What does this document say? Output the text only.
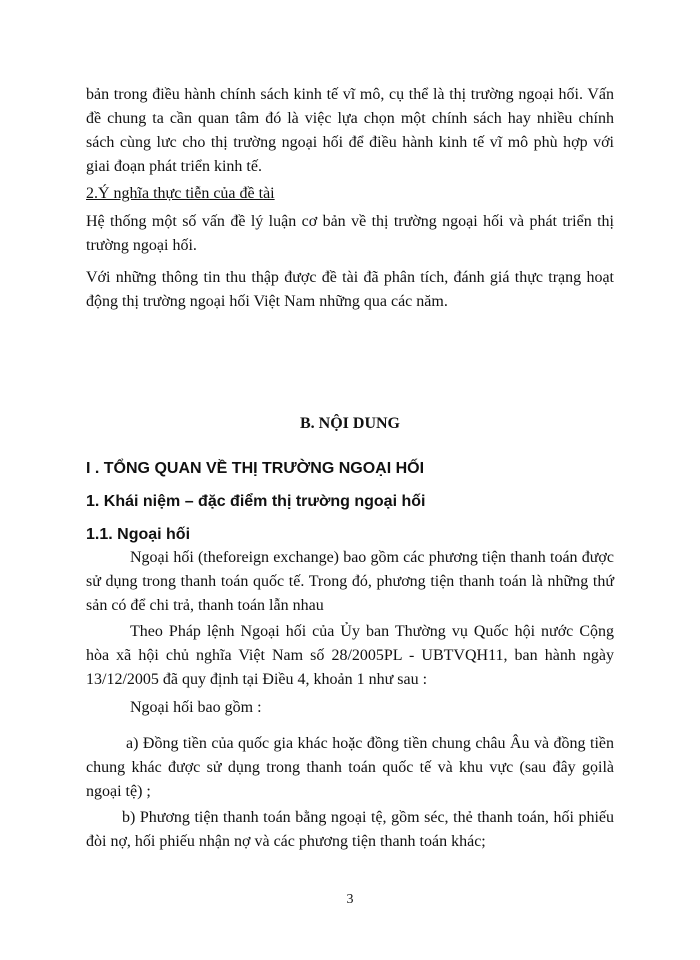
bản trong điều hành chính sách kinh tế vĩ mô, cụ thể là thị trường ngoại hối. Vấn đề chung ta cần quan tâm đó là việc lựa chọn một chính sách hay nhiều chính sách cùng lưc cho thị trường ngoại hối để điều hành kinh tế vĩ mô phù hợp với giai đoạn phát triển kinh tế.

2.Ý nghĩa thực tiễn của đề tài

Hệ thống một số vấn đề lý luận cơ bản về thị trường ngoại hối và phát triển thị trường ngoại hối.

Với những thông tin thu thập được đề tài đã phân tích, đánh giá thực trạng hoạt động thị trường ngoại hối Việt Nam những qua các năm.

B. NỘI DUNG

I . TỔNG QUAN VỀ THỊ TRƯỜNG NGOẠI HỐI

1. Khái niệm – đặc điểm thị trường ngoại hối

1.1. Ngoại hối

Ngoại hối (theforeign exchange) bao gồm các phương tiện thanh toán được sử dụng trong thanh toán quốc tế. Trong đó, phương tiện thanh toán là những thứ sản có để chi trả, thanh toán lẫn nhau

Theo Pháp lệnh Ngoại hối của Ủy ban Thường vụ Quốc hội nước Cộng hòa xã hội chủ nghĩa Việt Nam số 28/2005PL - UBTVQH11, ban hành ngày 13/12/2005 đã quy định tại Điều 4, khoản 1 như sau :

Ngoại hối bao gồm :

a) Đồng tiền của quốc gia khác hoặc đồng tiền chung châu Âu và đồng tiền chung khác được sử dụng trong thanh toán quốc tế và khu vực (sau đây gọilà ngoại tệ) ;

b) Phương tiện thanh toán bằng ngoại tệ, gồm séc, thẻ thanh toán, hối phiếu đòi nợ, hối phiếu nhận nợ và các phương tiện thanh toán khác;

3
